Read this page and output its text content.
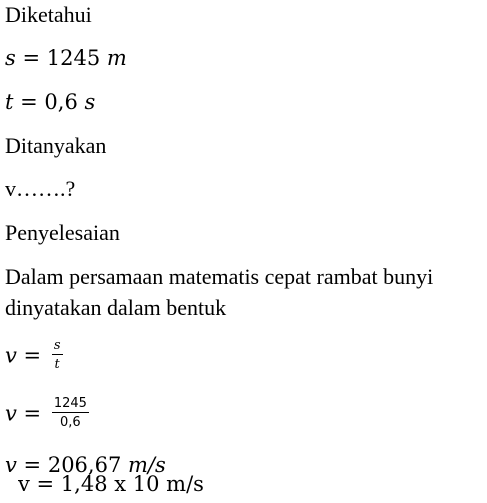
Diketahui
s = 1245 m
t = 0,6 s
Ditanyakan
v…….?
Penyelesaian
Dalam persamaan matematis cepat rambat bunyi
dinyatakan dalam bentuk
$v = \frac{s}{t}$
$v = \frac{1245}{0,6}$
v = 206,67 m/s
v = 1,48 x 10 m/s
